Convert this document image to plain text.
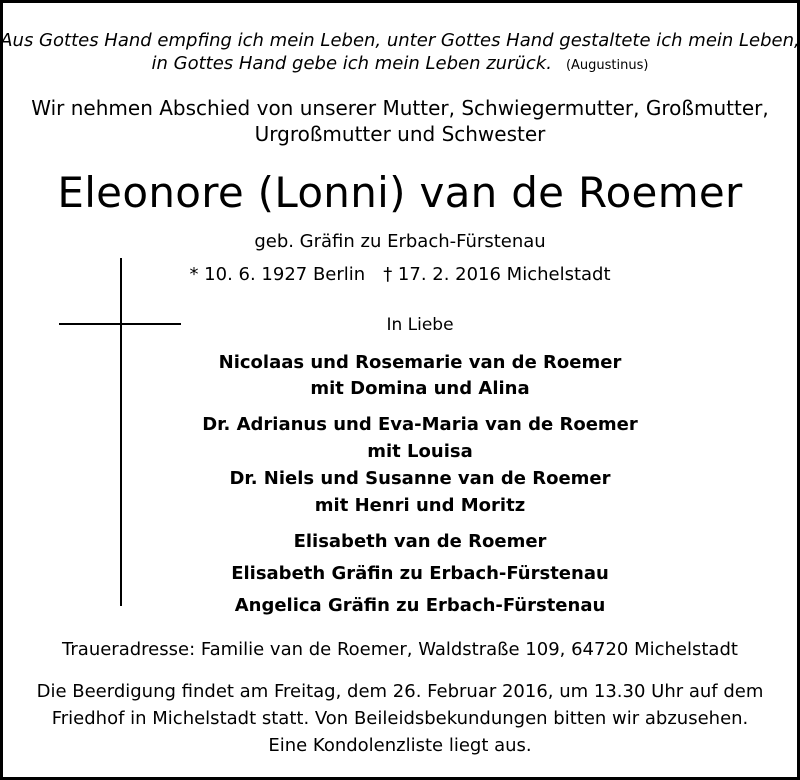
Aus Gottes Hand empfing ich mein Leben, unter Gottes Hand gestaltete ich mein Leben,
in Gottes Hand gebe ich mein Leben zurück. (Augustinus)
Wir nehmen Abschied von unserer Mutter, Schwiegermutter, Großmutter,
Urgroßmutter und Schwester
Eleonore (Lonni) van de Roemer
geb. Gräfin zu Erbach-Fürstenau
* 10. 6. 1927 Berlin † 17. 2. 2016 Michelstadt
In Liebe
Nicolaas und Rosemarie van de Roemer
mit Domina und Alina
Dr. Adrianus und Eva-Maria van de Roemer
mit Louisa
Dr. Niels und Susanne van de Roemer
mit Henri und Moritz
Elisabeth van de Roemer
Elisabeth Gräfin zu Erbach-Fürstenau
Angelica Gräfin zu Erbach-Fürstenau
Traueradresse: Familie van de Roemer, Waldstraße 109, 64720 Michelstadt
Die Beerdigung findet am Freitag, dem 26. Februar 2016, um 13.30 Uhr auf dem
Friedhof in Michelstadt statt. Von Beileidsbekundungen bitten wir abzusehen.
Eine Kondolenzliste liegt aus.
